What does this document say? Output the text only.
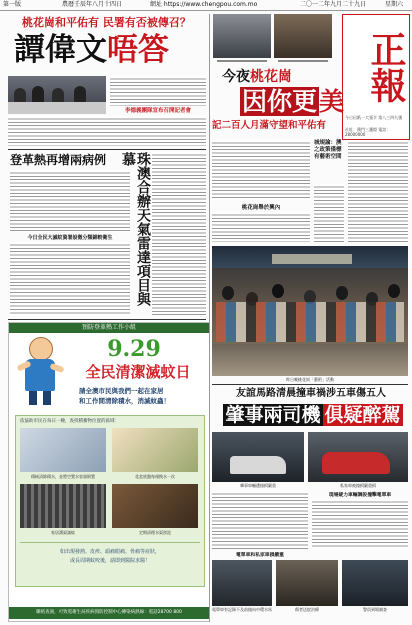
第一版	農曆壬辰年八月十四日	網址 https://www.chengpou.com.mo	二〇一二年九月二十九日	星期六
桃花崗和平佑有 民署有否被傳召？
譚偉文唔答
李德義團隊宣布召開記者會
登革熱再增兩病例
今日全民大滅蚊資署設徵分類錦較衛生	珠澳合辦天氣雷達項目與慕
預防登革熱工作小組
9.29
全民清潔滅蚊日
請全澳市民與我們一起在家居
和工作間清除積水，消滅蚊蟲！
依協助市民在每日一檢，查找積蓄物位置的區域：
積極清除積水，並將空置水容器倒置	花盆底盤每週換水一次
家居溝渠滅蚊	定期清理水渠淤泥
如出現發熱、皮疹、頭痛眼痛、骨痛等症狀，
或長周期蚊咬後，請即到醫院求醫！
聯絡查詢，可致電衛生局疾病預防控制中心傳染病熱線：電話28700 800
正報
今日出紙一大張半 第八三四九號
社址：澳門三盞燈 電話：28000000
今夜桃花崗
因你更美
記二百人月滿守望和平佑有
城規論：澳之政策僅標有藝術空間
桃花崗舉於興內
昨日晚桃花崗「藝術」活動
友誼馬路清晨撞車禍涉五車傷五人
肇事兩司機 俱疑醉駕
肇事車輛遭撞損嚴重	私家車被撞損嚴重損
現場疑力車輛調設撞擊電單車
電單車和私家車損嚴重
電單車有記錄不及前撞向中環水馬	傷者送院治療	警員到場調查
